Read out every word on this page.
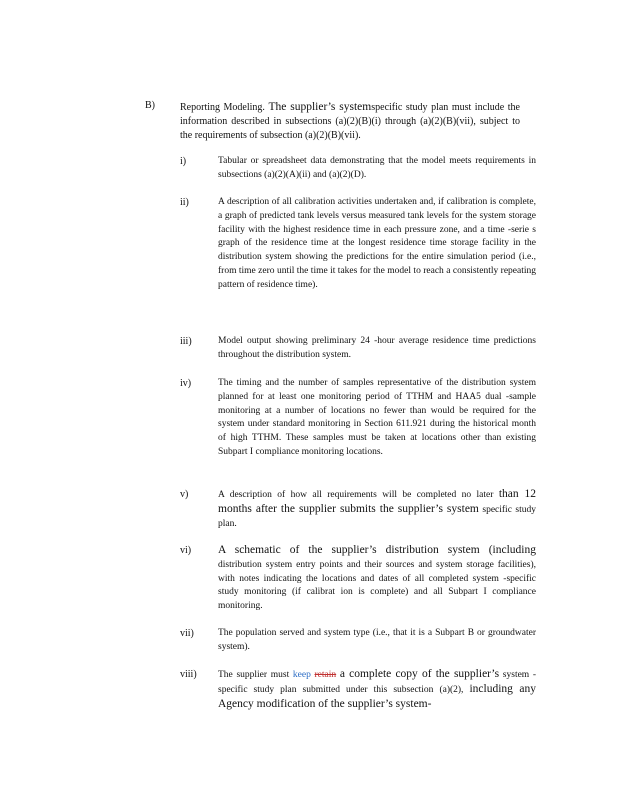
B)	Reporting Modeling. The supplier’s systemspecific study plan must include the information described in subsections (a)(2)(B)(i) through (a)(2)(B)(vii), subject to the requirements of subsection (a)(2)(B)(vii).
i)	Tabular or spreadsheet data demonstrating that the model meets requirements in subsections (a)(2)(A)(ii) and (a)(2)(D).
ii)	A description of all calibration activities undertaken and, if calibration is complete, a graph of predicted tank levels versus measured tank levels for the system storage facility with the highest residence time in each pressure zone, and a time -serie s graph of the residence time at the longest residence time storage facility in the distribution system showing the predictions for the entire simulation period (i.e., from time zero until the time it takes for the model to reach a consistently repeating pattern of residence time).
iii)	Model output showing preliminary 24 -hour average residence time predictions throughout the distribution system.
iv)	The timing and the number of samples representative of the distribution system planned for at least one monitoring period of TTHM and HAA5 dual -sample monitoring at a number of locations no fewer than would be required for the system under standard monitoring in Section 611.921 during the historical month of high TTHM. These samples must be taken at locations other than existing Subpart I compliance monitoring locations.
v)	A description of how all requirements will be completed no later than 12 months after the supplier submits the supplier’s system specific study plan.
vi) A schematic of the supplier’s distribution system (including distribution system entry points and their sources and system storage facilities), with notes indicating the locations and dates of all completed system -specific study monitoring (if calibrat ion is complete) and all Subpart I compliance monitoring.
vii)	The population served and system type (i.e., that it is a Subpart B or groundwater system).
viii) The supplier must keep retain a complete copy of the supplier’s system -specific study plan submitted under this subsection (a)(2), including any Agency modification of the supplier’s system-
